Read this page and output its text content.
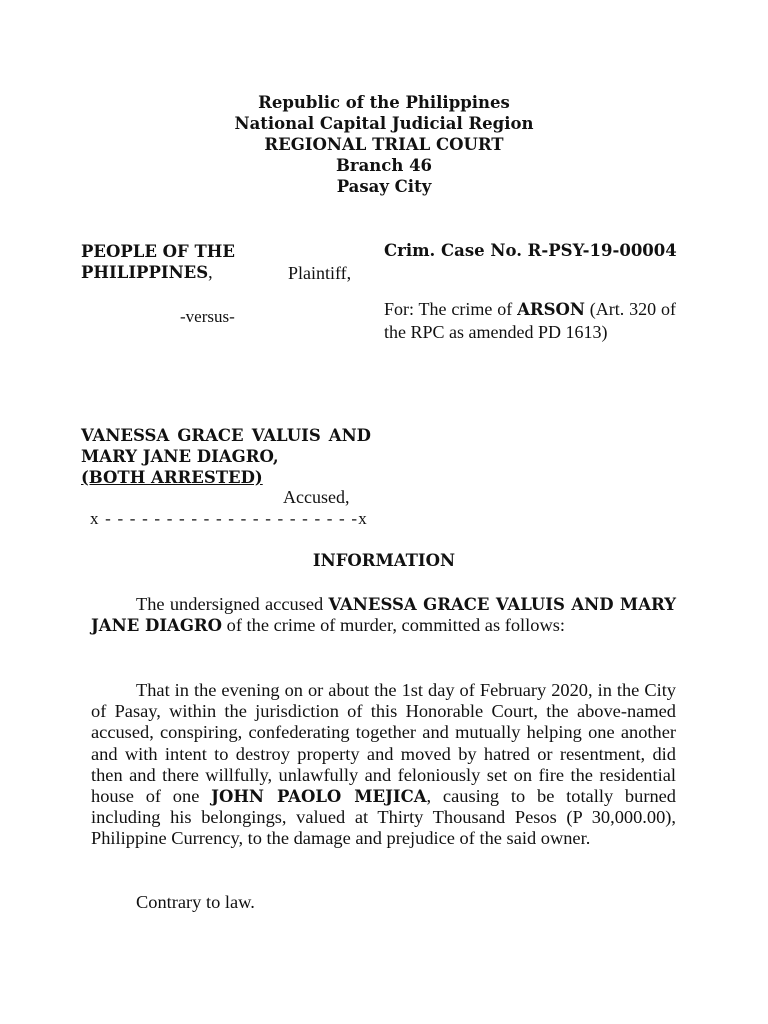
Republic of the Philippines
National Capital Judicial Region
REGIONAL TRIAL COURT
Branch 46
Pasay City
PEOPLE OF THE PHILIPPINES,	Plaintiff,
Crim. Case No. R-PSY-19-00004
-versus-	For: The crime of ARSON (Art. 320 of the RPC as amended PD 1613)
VANESSA GRACE VALUIS AND MARY JANE DIAGRO,
(BOTH ARRESTED)
Accused,
x - - - - - - - - - - - - - - - - - - - - -x
INFORMATION
The undersigned accused VANESSA GRACE VALUIS AND MARY JANE DIAGRO of the crime of murder, committed as follows:
That in the evening on or about the 1st day of February 2020, in the City of Pasay, within the jurisdiction of this Honorable Court, the above-named accused, conspiring, confederating together and mutually helping one another and with intent to destroy property and moved by hatred or resentment, did then and there willfully, unlawfully and feloniously set on fire the residential house of one JOHN PAOLO MEJICA, causing to be totally burned including his belongings, valued at Thirty Thousand Pesos (P 30,000.00), Philippine Currency, to the damage and prejudice of the said owner.
Contrary to law.
